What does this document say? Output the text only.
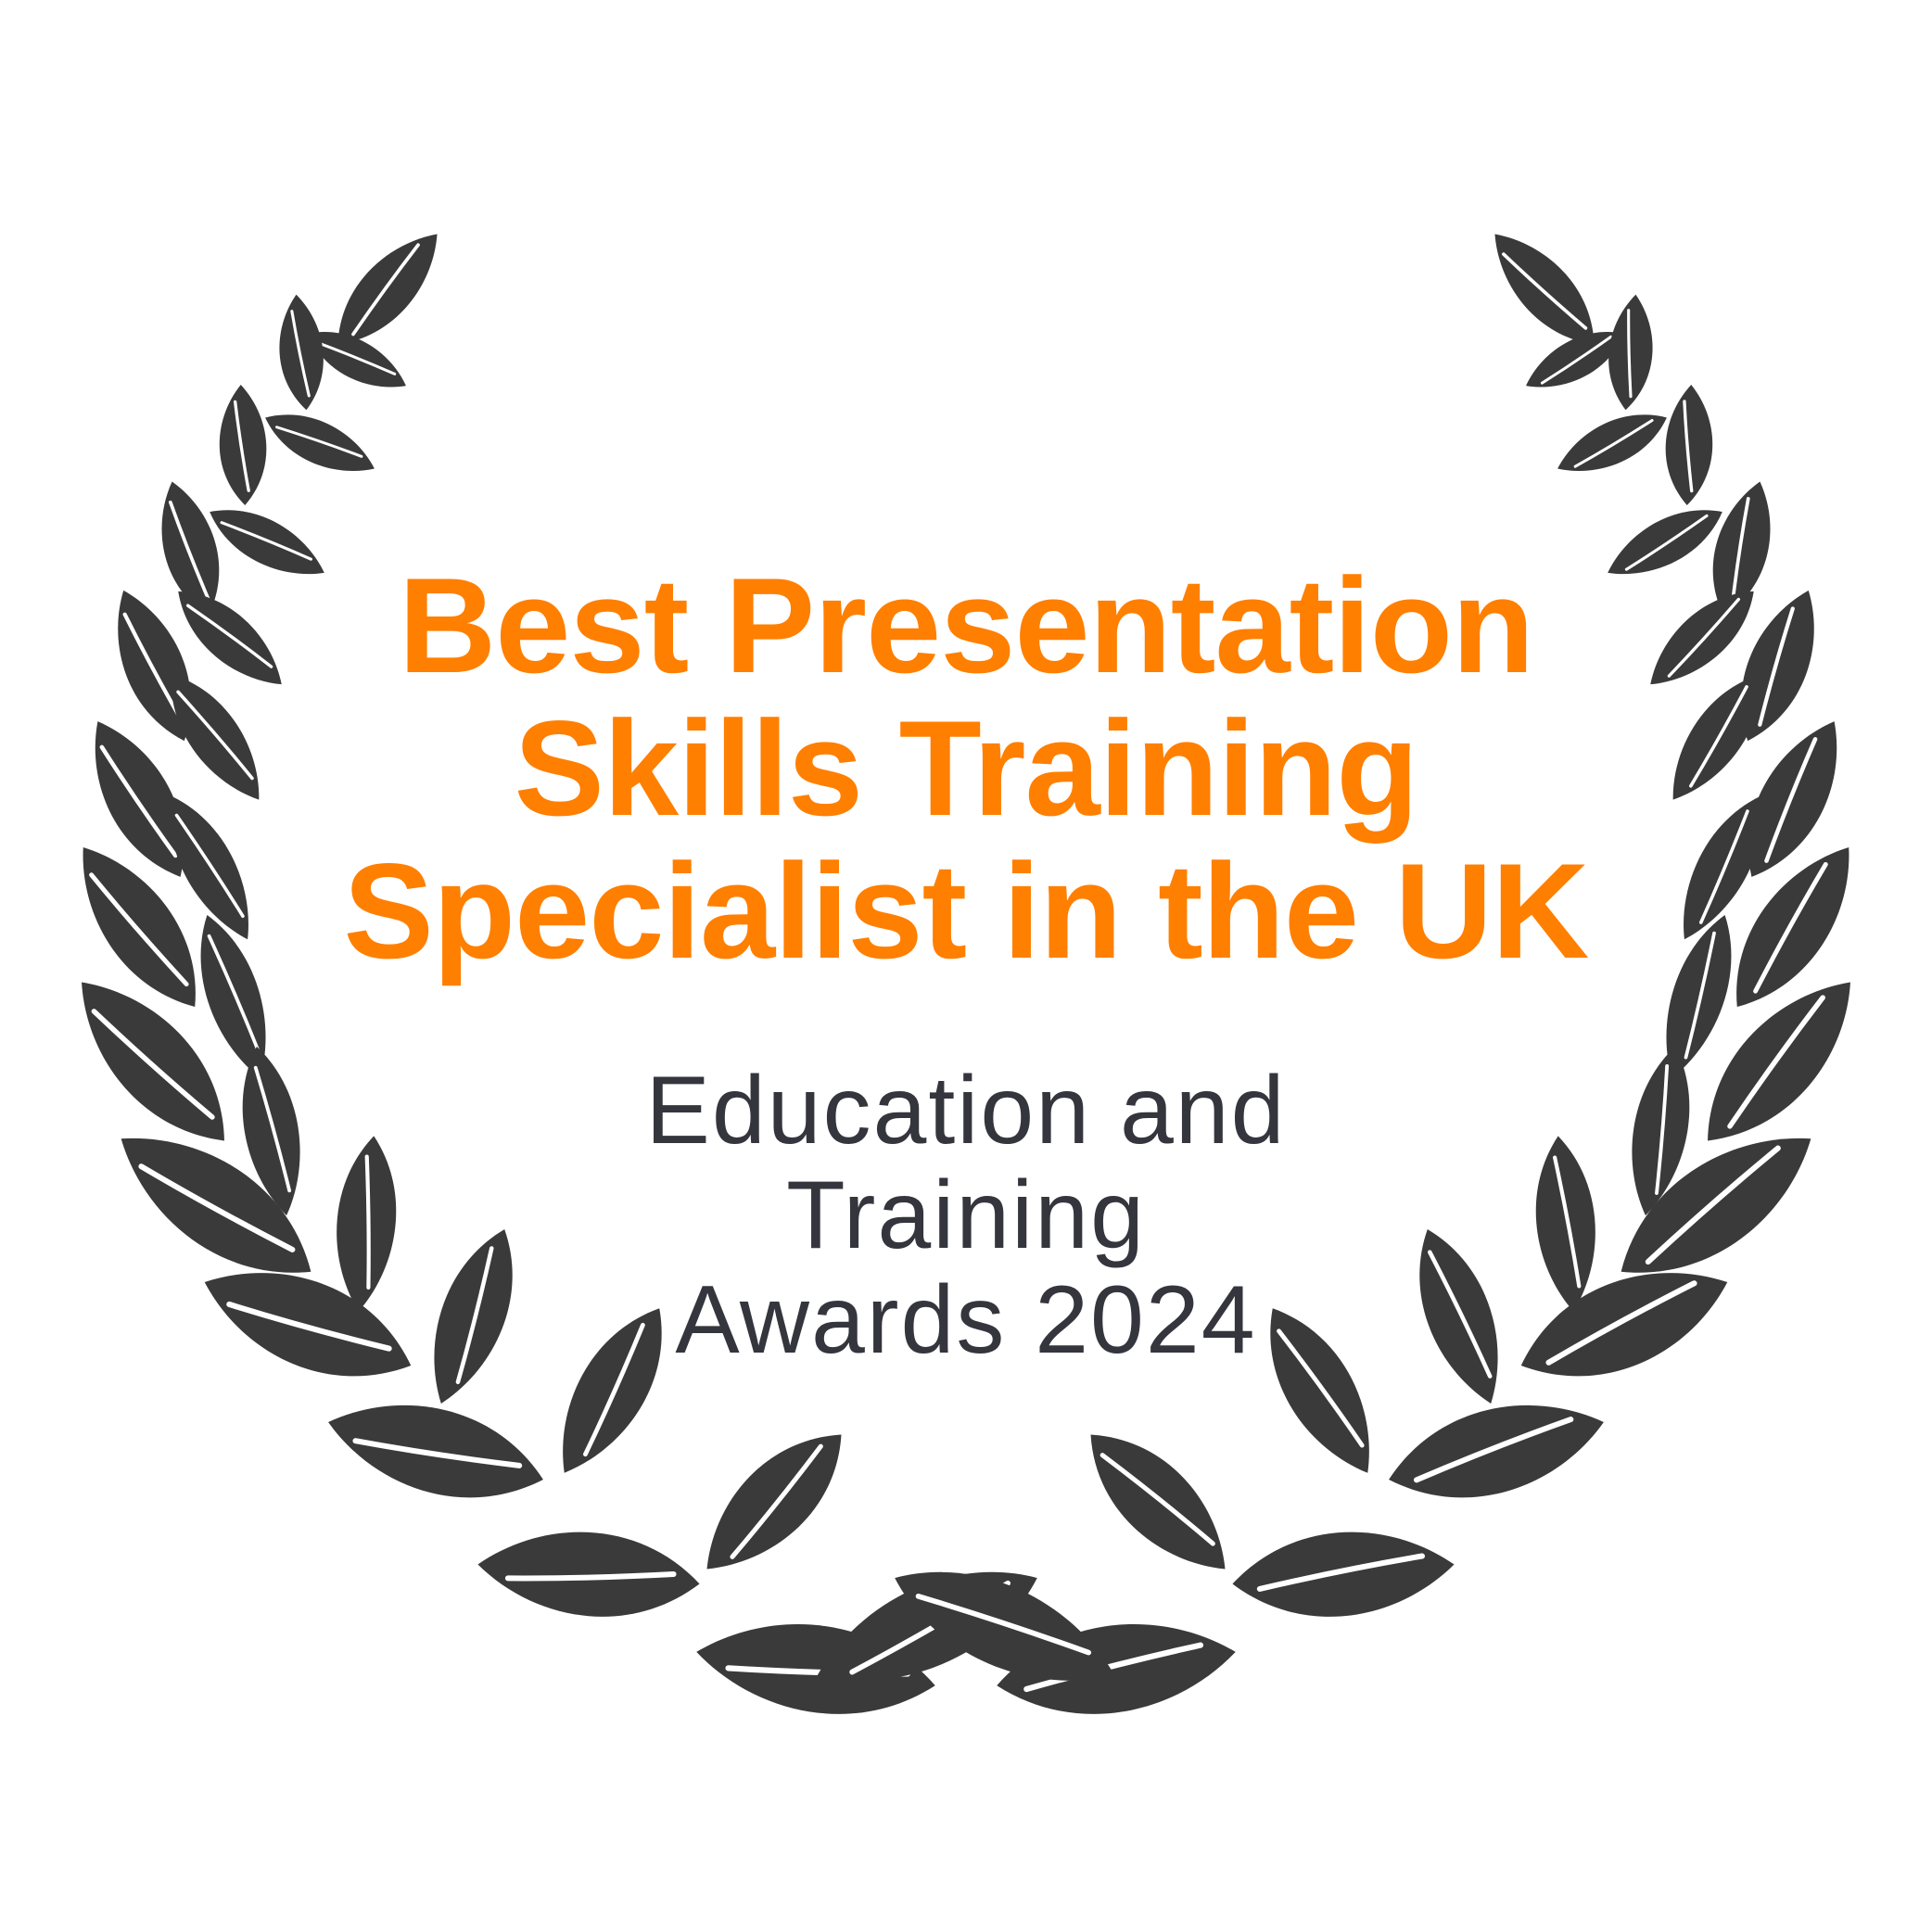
Best Presentation
Skills Training
Specialist in the UK
Education and
Training
Awards 2024
